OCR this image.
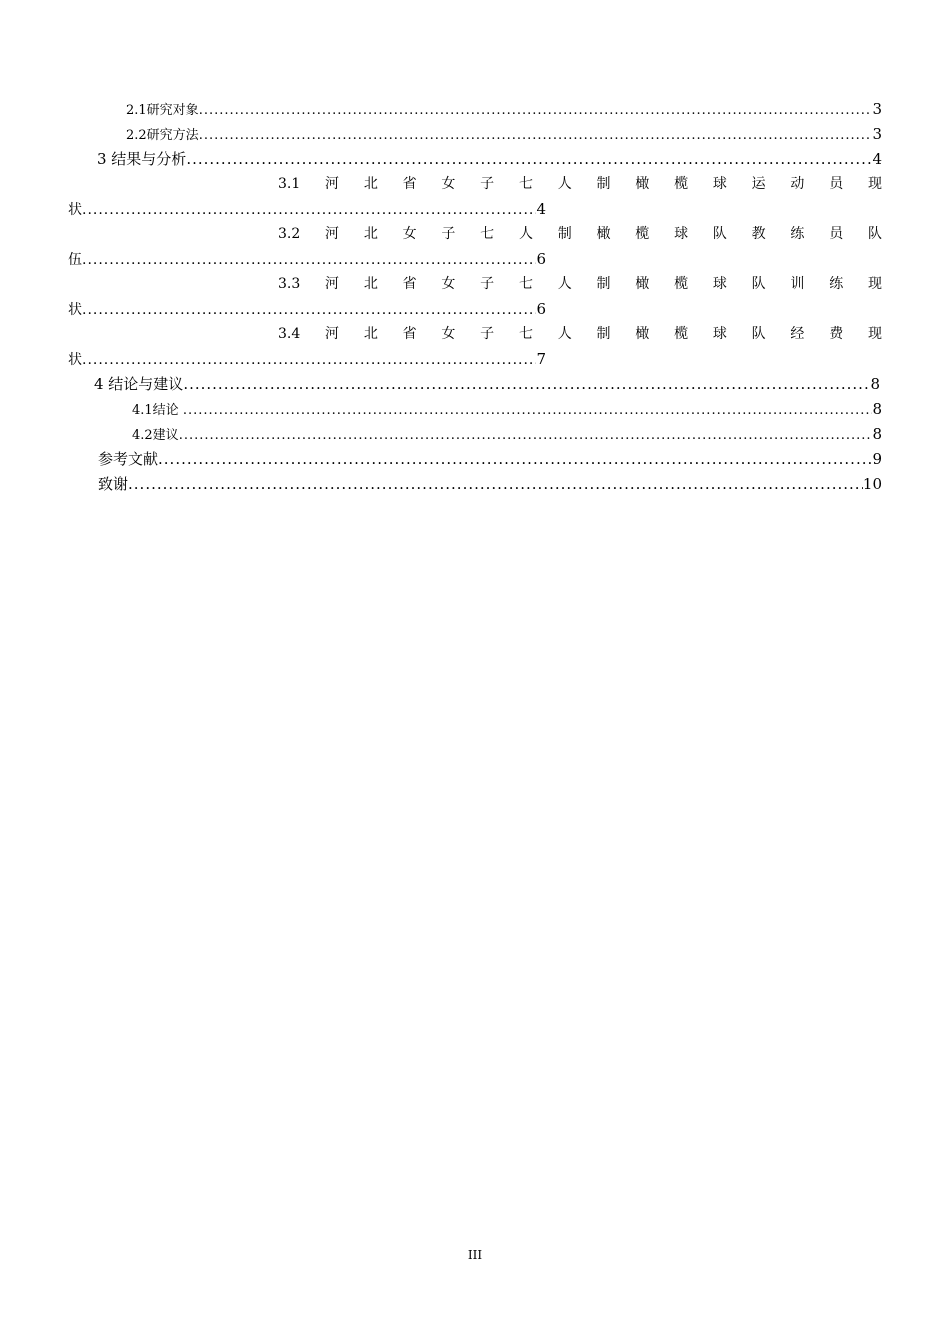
2.1研究对象 .....	3
2.2研究方法 .....	3
3 结果与分析 .....	4
3.1 河 北 省 女 子 七 人 制 橄 榄 球 运 动 员 现
状 .....	4
3.2 河 北 女 子 七 人 制 橄 榄 球 队 教 练 员 队
伍 .....	6
3.3 河 北 省 女 子 七 人 制 橄 榄 球 队 训 练 现
状 .....	6
3.4 河 北 省 女 子 七 人 制 橄 榄 球 队 经 费 现
状 .....	7
4 结论与建议 .....	8
4.1结论 .....	8
4.2建议 .....	8
参考文献 .....	9
致谢 .....	10
III
